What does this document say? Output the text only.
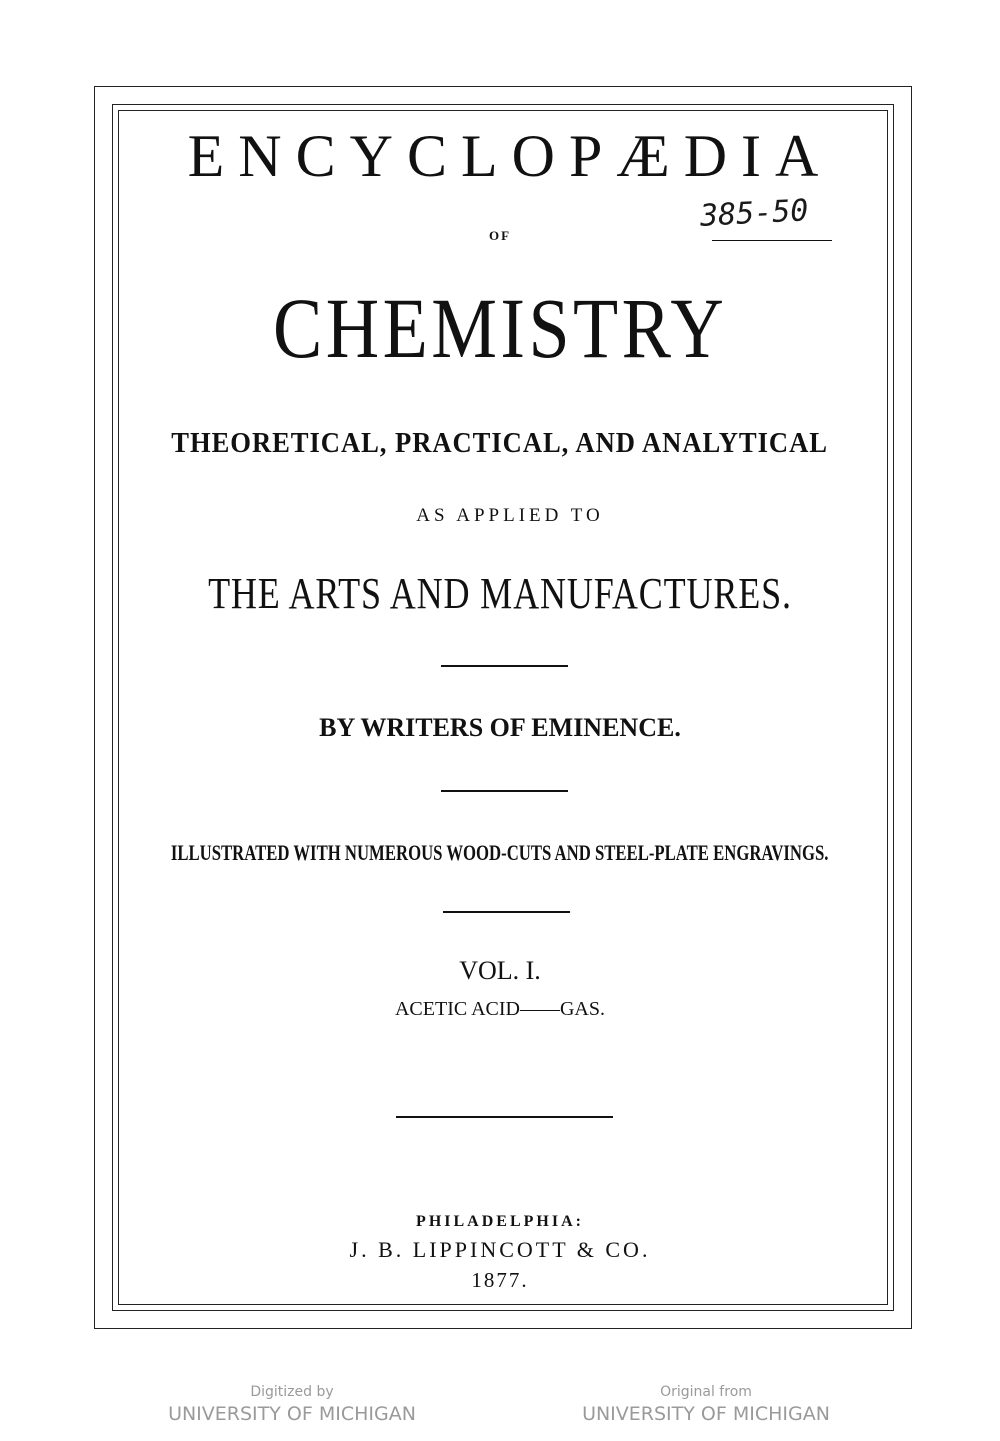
ENCYCLOPÆDIA
OF
CHEMISTRY
385-50
THEORETICAL, PRACTICAL, AND ANALYTICAL
AS APPLIED TO
THE ARTS AND MANUFACTURES.
BY WRITERS OF EMINENCE.
ILLUSTRATED WITH NUMEROUS WOOD-CUTS AND STEEL-PLATE ENGRAVINGS.
VOL. I.
ACETIC ACID——GAS.
PHILADELPHIA:
J. B. LIPPINCOTT & CO.
1877.
Digitized by
UNIVERSITY OF MICHIGAN
Original from
UNIVERSITY OF MICHIGAN
